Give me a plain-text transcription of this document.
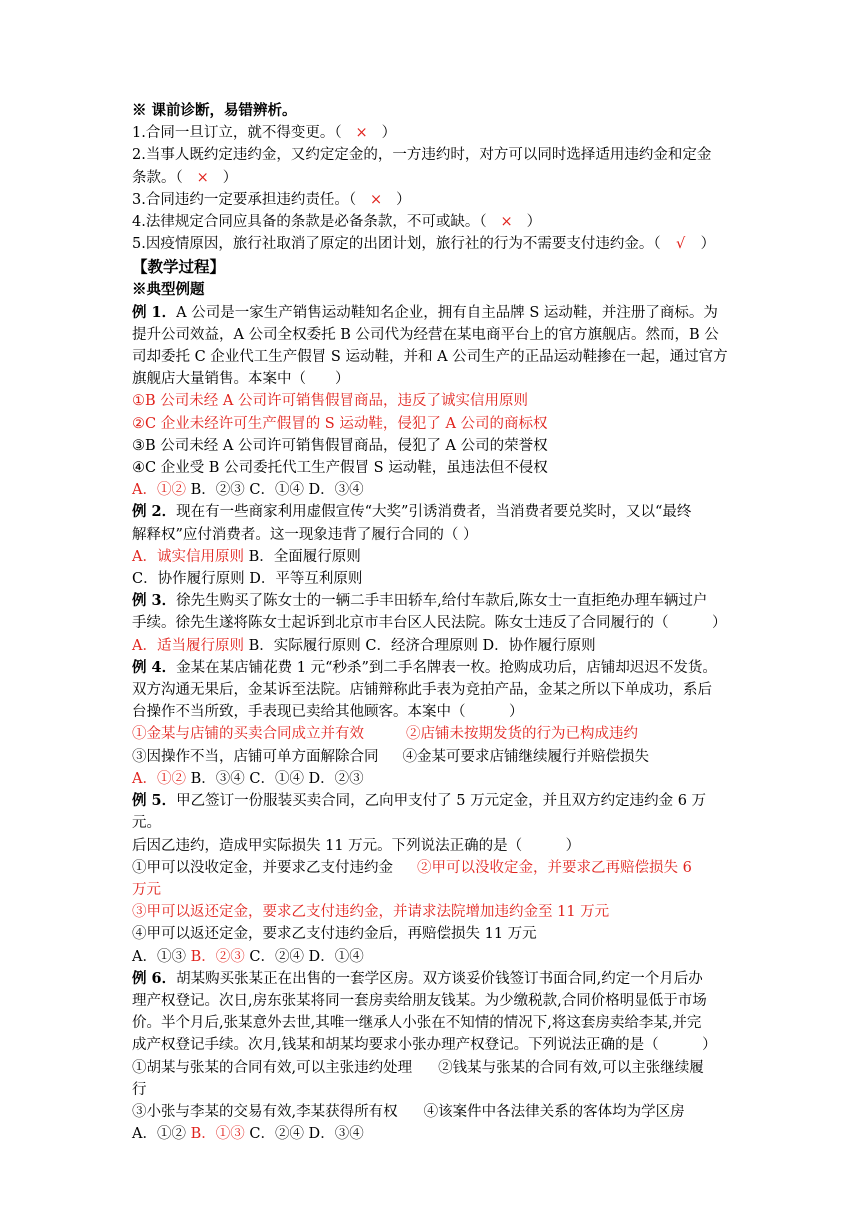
※ 课前诊断，易错辨析。

1.合同一旦订立，就不得变更。（ × ）

2.当事人既约定违约金，又约定定金的，一方违约时，对方可以同时选择适用违约金和定金

条款。（ × ）

3.合同违约一定要承担违约责任。（ × ）

4.法律规定合同应具备的条款是必备条款，不可或缺。（ × ）

5.因疫情原因，旅行社取消了原定的出团计划，旅行社的行为不需要支付违约金。（ √ ）

【教学过程】

※典型例题

例 1．A 公司是一家生产销售运动鞋知名企业，拥有自主品牌 S 运动鞋，并注册了商标。为

提升公司效益，A 公司全权委托 B 公司代为经营在某电商平台上的官方旗舰店。然而，B 公

司却委托 C 企业代工生产假冒 S 运动鞋，并和 A 公司生产的正品运动鞋掺在一起，通过官方

旗舰店大量销售。本案中（　　）

①B 公司未经 A 公司许可销售假冒商品，违反了诚实信用原则

②C 企业未经许可生产假冒的 S 运动鞋，侵犯了 A 公司的商标权

③B 公司未经 A 公司许可销售假冒商品，侵犯了 A 公司的荣誉权

④C 企业受 B 公司委托代工生产假冒 S 运动鞋，虽违法但不侵权

A．①② B．②③ C．①④ D．③④

例 2．现在有一些商家利用虚假宣传“大奖”引诱消费者，当消费者要兑奖时，又以“最终

解释权”应付消费者。这一现象违背了履行合同的（ ）

A．诚实信用原则 B．全面履行原则

C．协作履行原则 D．平等互利原则

例 3．徐先生购买了陈女士的一辆二手丰田轿车,给付车款后,陈女士一直拒绝办理车辆过户

手续。徐先生遂将陈女士起诉到北京市丰台区人民法院。陈女士违反了合同履行的（　　　）

A．适当履行原则 B．实际履行原则 C．经济合理原则 D．协作履行原则

例 4．金某在某店铺花费 1 元“秒杀”到二手名牌表一枚。抢购成功后，店铺却迟迟不发货。

双方沟通无果后，金某诉至法院。店铺辩称此手表为竞拍产品，金某之所以下单成功，系后

台操作不当所致，手表现已卖给其他顾客。本案中（　　　）

①金某与店铺的买卖合同成立并有效	②店铺未按期发货的行为已构成违约

③因操作不当，店铺可单方面解除合同 ④金某可要求店铺继续履行并赔偿损失

A．①② B．③④ C．①④ D．②③

例 5．甲乙签订一份服装买卖合同，乙向甲支付了 5 万元定金，并且双方约定违约金 6 万元。

后因乙违约，造成甲实际损失 11 万元。下列说法正确的是（　　　）

①甲可以没收定金，并要求乙支付违约金 ②甲可以没收定金，并要求乙再赔偿损失 6

万元

③甲可以返还定金，要求乙支付违约金，并请求法院增加违约金至 11 万元

④甲可以返还定金，要求乙支付违约金后，再赔偿损失 11 万元

A．①③ B．②③ C．②④ D．①④

例 6．胡某购买张某正在出售的一套学区房。双方谈妥价钱签订书面合同,约定一个月后办

理产权登记。次日,房东张某将同一套房卖给朋友钱某。为少缴税款,合同价格明显低于市场

价。半个月后,张某意外去世,其唯一继承人小张在不知情的情况下,将这套房卖给李某,并完

成产权登记手续。次月,钱某和胡某均要求小张办理产权登记。下列说法正确的是（　　　）

①胡某与张某的合同有效,可以主张违约处理 ②钱某与张某的合同有效,可以主张继续履

行

③小张与李某的交易有效,李某获得所有权 ④该案件中各法律关系的客体均为学区房

A．①② B．①③ C．②④ D．③④
